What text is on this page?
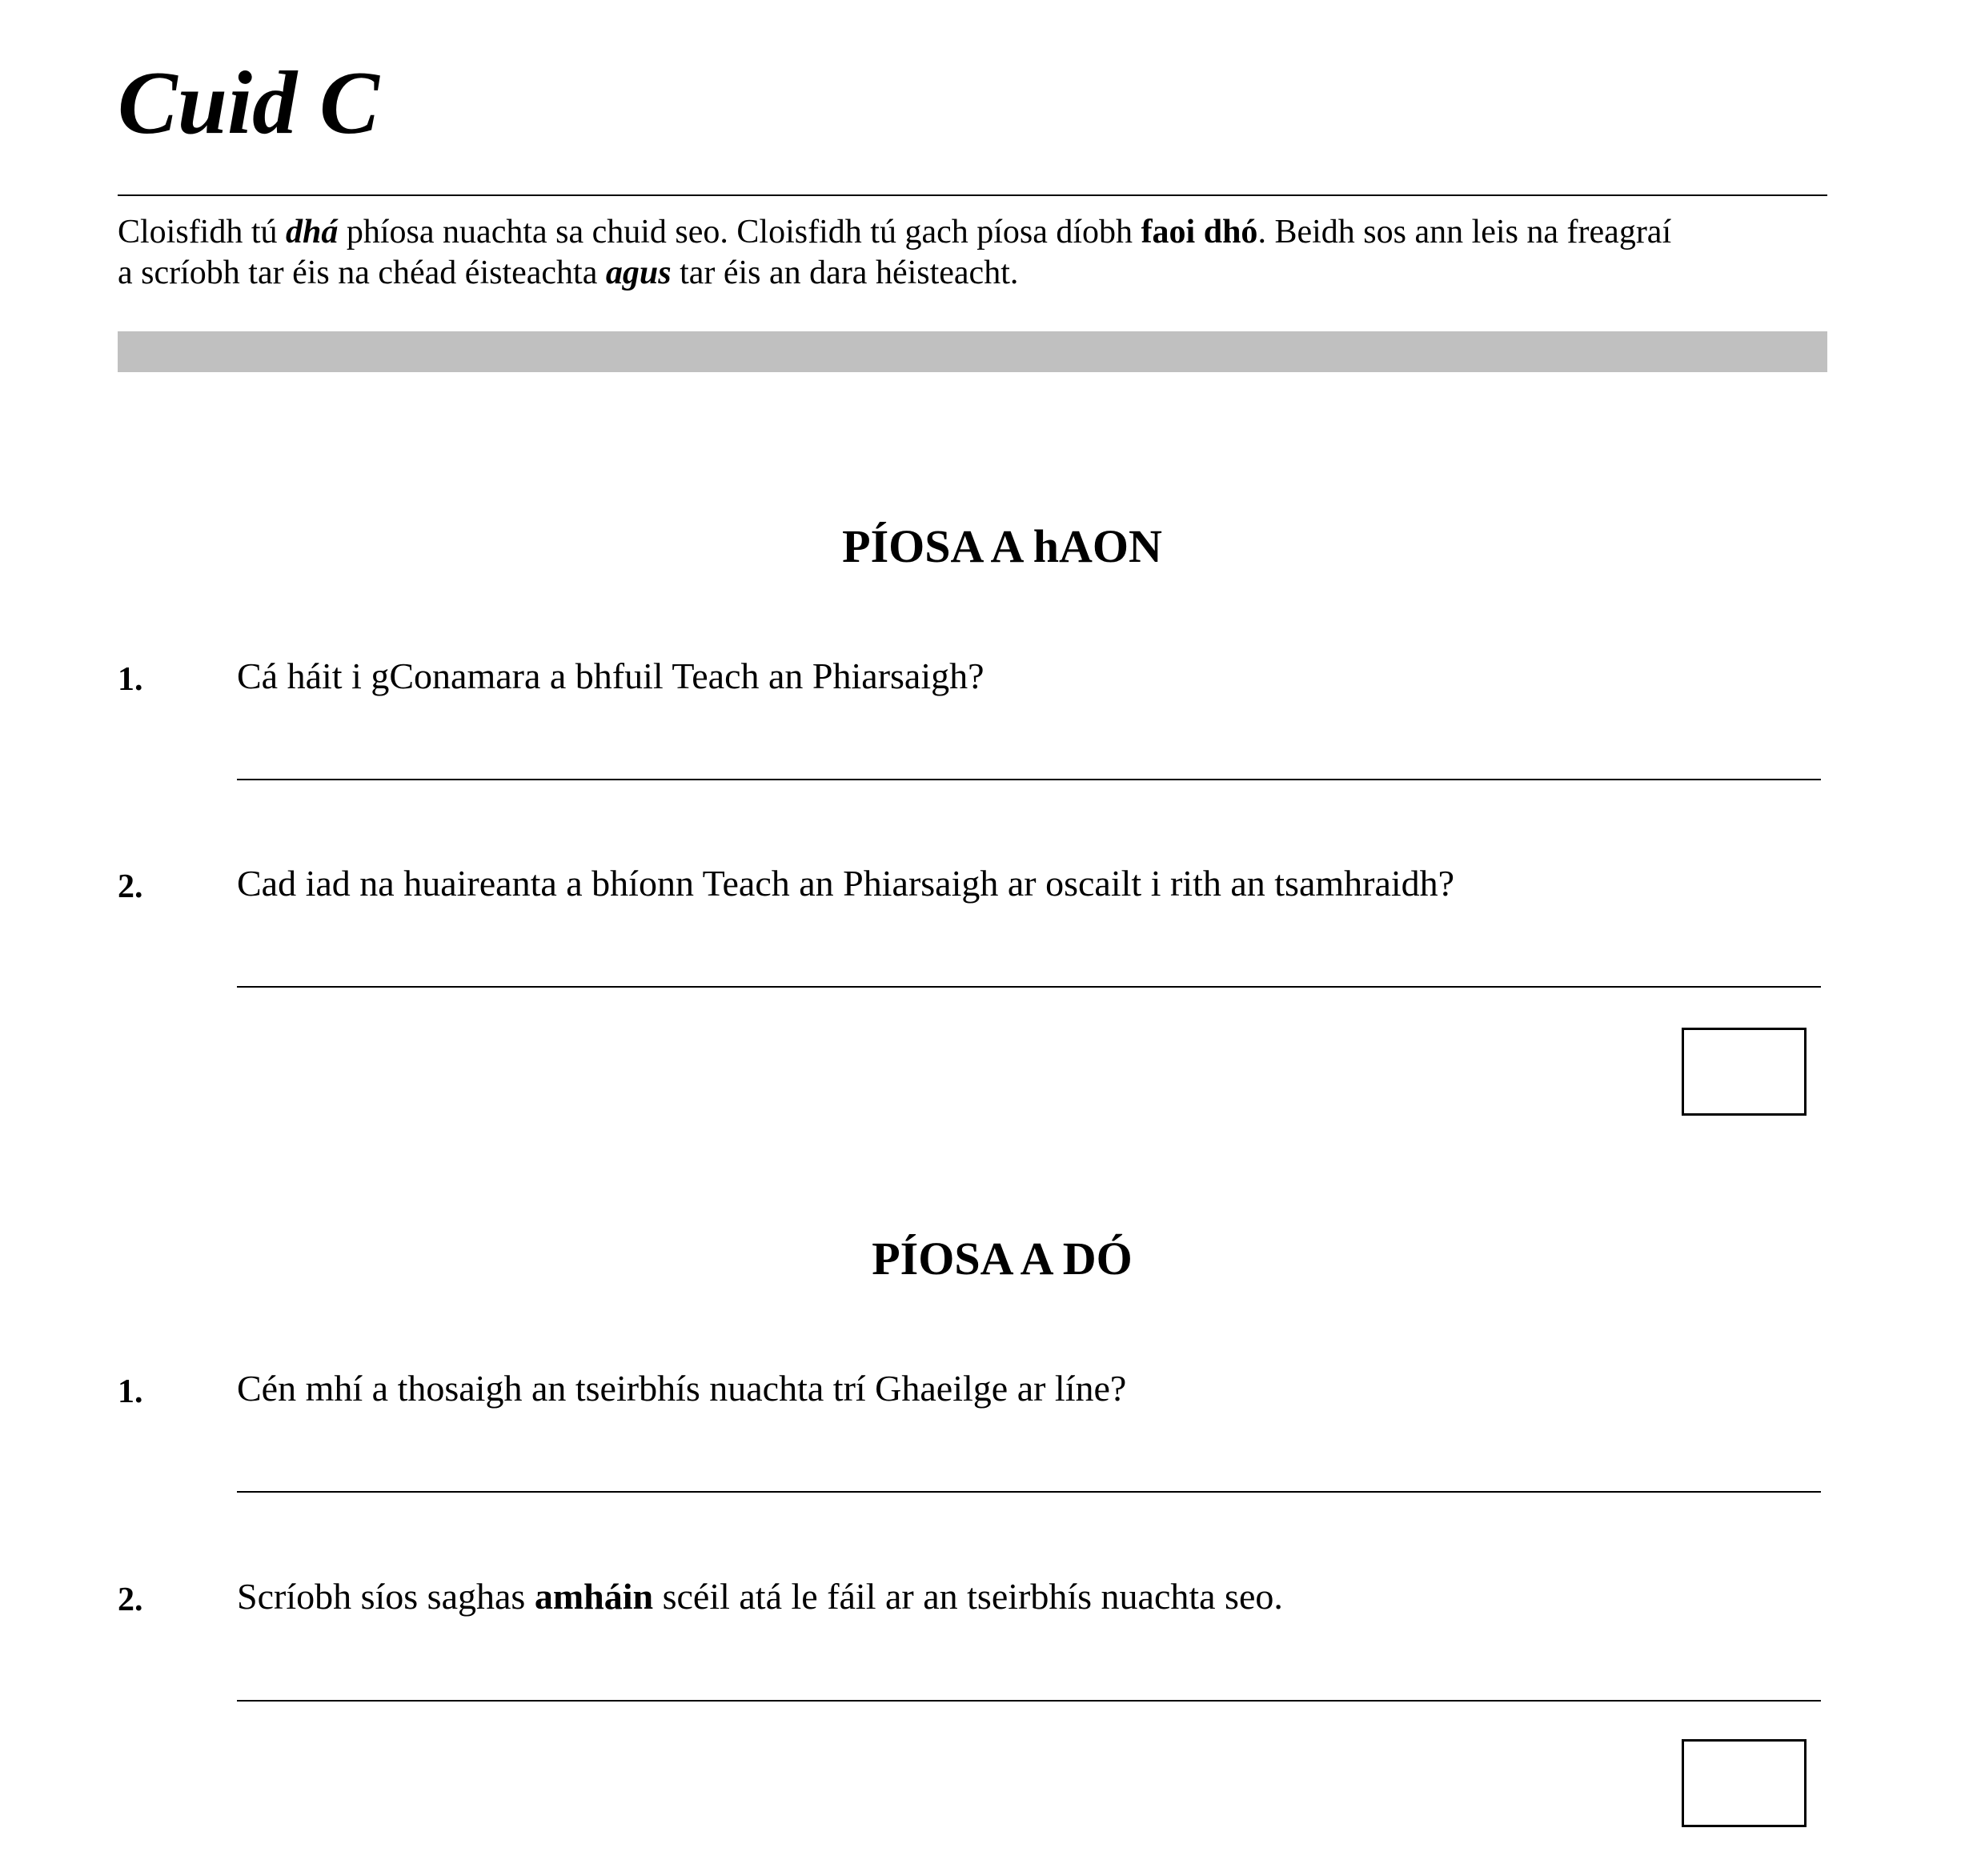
Cuid C

Cloisfidh tú dhá phíosa nuachta sa chuid seo. Cloisfidh tú gach píosa díobh faoi dhó. Beidh sos ann leis na freagraí

a scríobh tar éis na chéad éisteachta agus tar éis an dara héisteacht.

PÍOSA A hAON
1.	Cá háit i gConamara a bhfuil Teach an Phiarsaigh?
2.	Cad iad na huaireanta a bhíonn Teach an Phiarsaigh ar oscailt i rith an tsamhraidh?
PÍOSA A DÓ
1.	Cén mhí a thosaigh an tseirbhís nuachta trí Ghaeilge ar líne?
2.	Scríobh síos saghas amháin scéil atá le fáil ar an tseirbhís nuachta seo.
